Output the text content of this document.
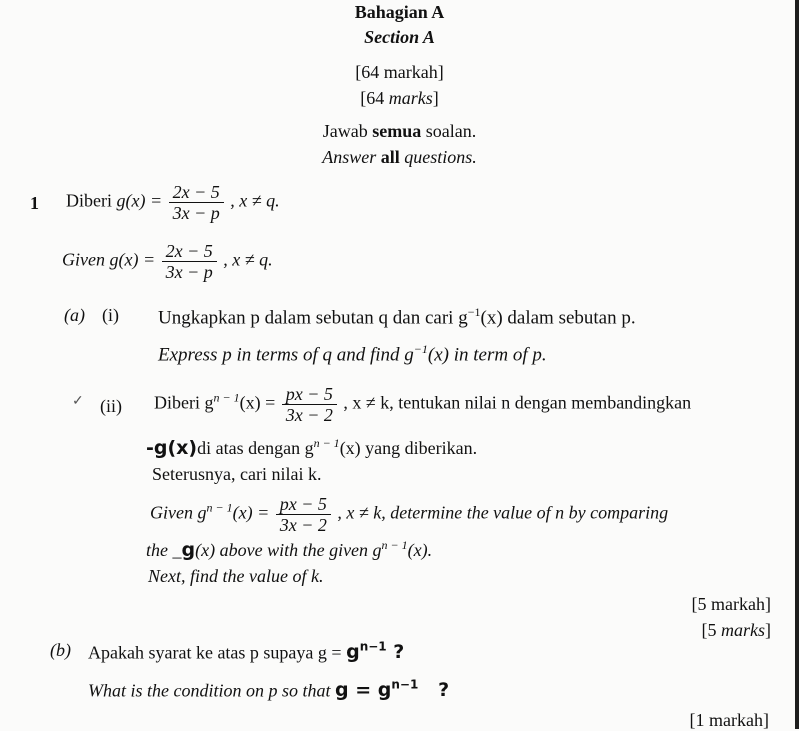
Bahagian A
Section A
[64 markah]
[64 marks]
Jawab semua soalan.
Answer all questions.
1 Diberi $g(x) = \frac{2x - 5}{3x - p}$ , x ≠ q.
Given $g(x) = \frac{2x - 5}{3x - p}$ , x ≠ q.
(a) (i) Ungkapkan p dalam sebutan q dan cari $g^{-1}(x)$ dalam sebutan p.
Express p in terms of q and find $g^{-1}(x)$ in term of p.
✓ (ii) Diberi $g^{n - 1}(x) = \frac{px - 5}{3x - 2}$ , x ≠ k, tentukan nilai n dengan membandingkan
-g(x)di atas dengan $g^{n - 1}(x)$ yang diberikan.
Seterusnya, cari nilai k.
Given $g^{n - 1}(x) = \frac{px - 5}{3x - 2}$ , x ≠ k, determine the value of n by comparing
the _g(x) above with the given $g^{n - 1}(x)$.
Next, find the value of k.
[5 markah]
[5 marks]
(b) Apakah syarat ke atas p supaya $g = g^{n-1}$ ?
What is the condition on p so that $g = g^{n-1}$ ?
[1 markah]
